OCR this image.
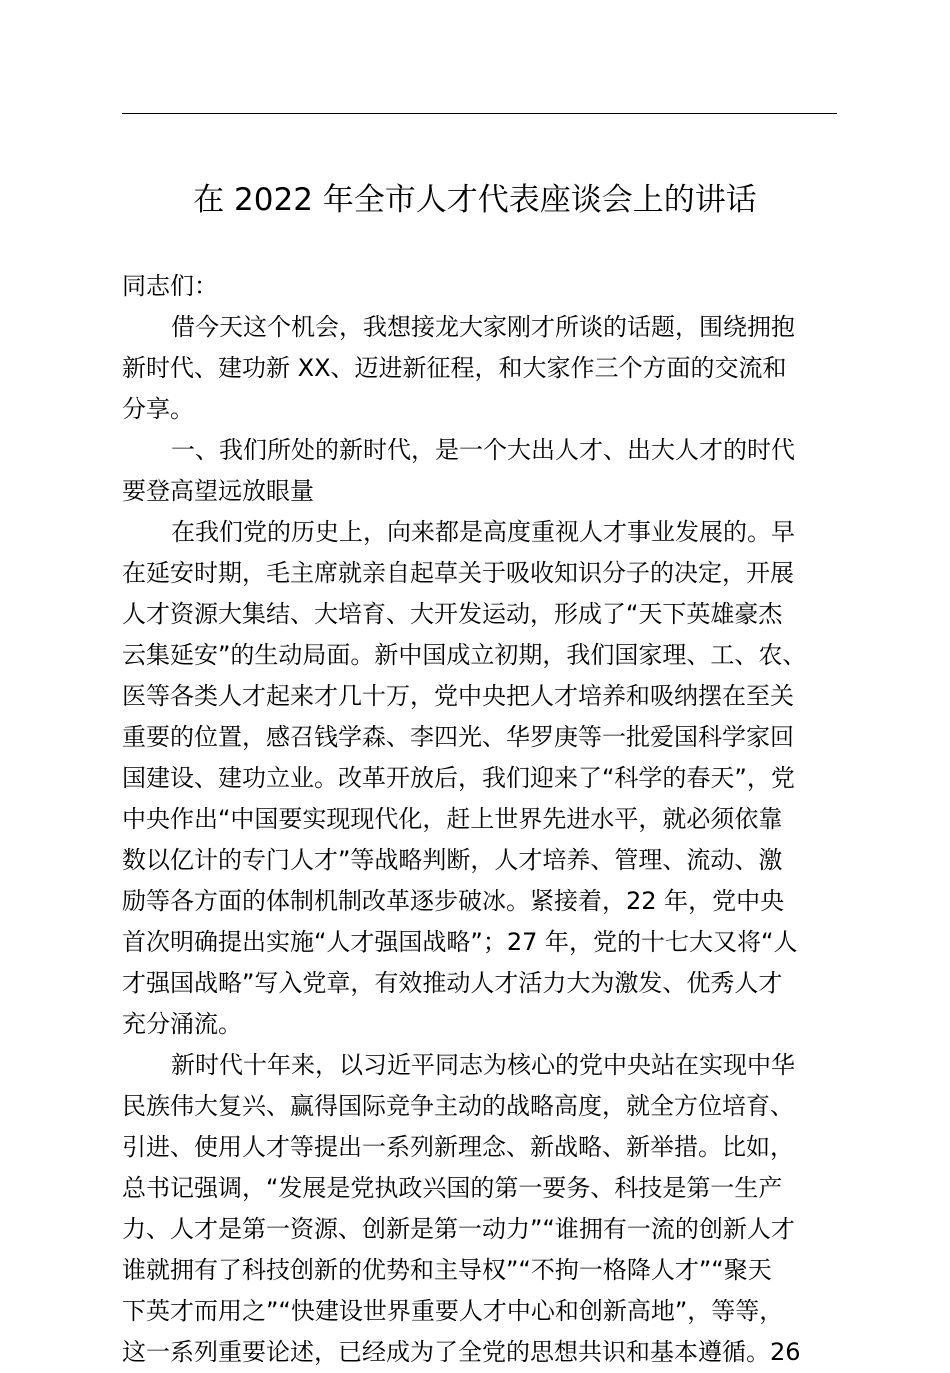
在 2022 年全市人才代表座谈会上的讲话
同志们：
借今天这个机会，我想接龙大家刚才所谈的话题，围绕拥抱
新时代、建功新 XX、迈进新征程，和大家作三个方面的交流和
分享。
一、我们所处的新时代，是一个大出人才、出大人才的时代
要登高望远放眼量
在我们党的历史上，向来都是高度重视人才事业发展的。早
在延安时期，毛主席就亲自起草关于吸收知识分子的决定，开展
人才资源大集结、大培育、大开发运动，形成了“天下英雄豪杰
云集延安”的生动局面。新中国成立初期，我们国家理、工、农、
医等各类人才起来才几十万，党中央把人才培养和吸纳摆在至关
重要的位置，感召钱学森、李四光、华罗庚等一批爱国科学家回
国建设、建功立业。改革开放后，我们迎来了“科学的春天”，党
中央作出“中国要实现现代化，赶上世界先进水平，就必须依靠
数以亿计的专门人才”等战略判断，人才培养、管理、流动、激
励等各方面的体制机制改革逐步破冰。紧接着，22 年，党中央
首次明确提出实施“人才强国战略”；27 年，党的十七大又将“人
才强国战略”写入党章，有效推动人才活力大为激发、优秀人才
充分涌流。
新时代十年来，以习近平同志为核心的党中央站在实现中华
民族伟大复兴、赢得国际竞争主动的战略高度，就全方位培育、
引进、使用人才等提出一系列新理念、新战略、新举措。比如，
总书记强调，“发展是党执政兴国的第一要务、科技是第一生产
力、人才是第一资源、创新是第一动力”“谁拥有一流的创新人才
谁就拥有了科技创新的优势和主导权”“不拘一格降人才”“聚天
下英才而用之”“快建设世界重要人才中心和创新高地”，等等，
这一系列重要论述，已经成为了全党的思想共识和基本遵循。26
